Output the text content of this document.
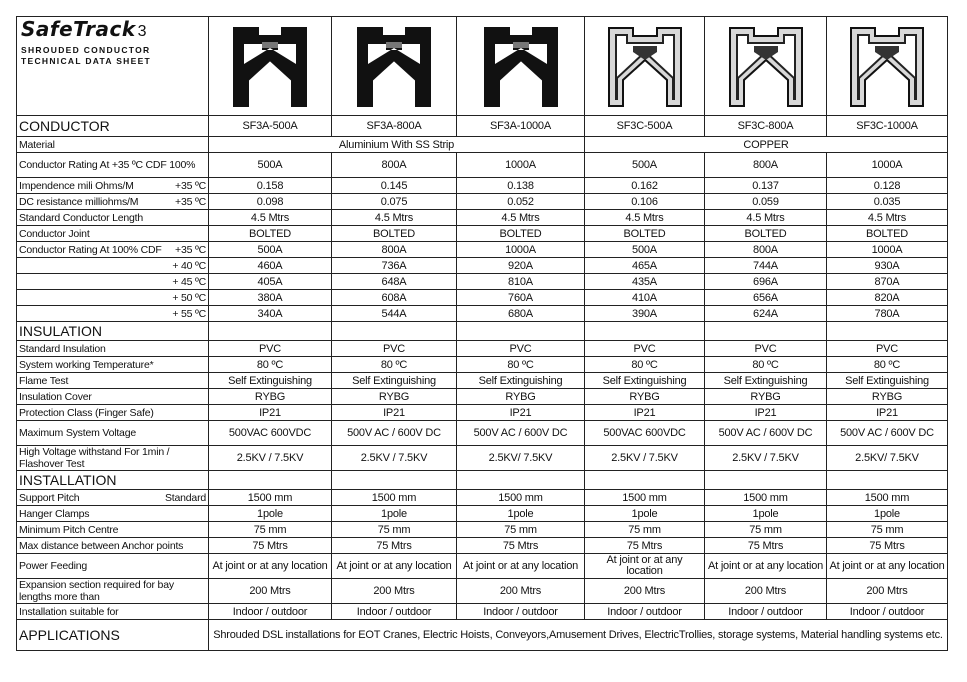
SafeTrack 3
SHROUDED CONDUCTOR
TECHNICAL DATA SHEET

CONDUCTOR	SF3A-500A	SF3A-800A	SF3A-1000A	SF3C-500A	SF3C-800A	SF3C-1000A
Material	Aluminium With SS Strip			COPPER		
Conductor Rating At +35 ºC CDF 100%	500A	800A	1000A	500A	800A	1000A

Impendence mili Ohms/M +35 ºC	0.158	0.145	0.138	0.162	0.137	0.128

DC resistance milliohms/M +35 ºC	0.098	0.075	0.052	0.106	0.059	0.035
Standard Conductor Length	4.5 Mtrs	4.5 Mtrs	4.5 Mtrs	4.5 Mtrs	4.5 Mtrs	4.5 Mtrs
Conductor Joint	BOLTED	BOLTED	BOLTED	BOLTED	BOLTED	BOLTED

Conductor Rating At 100% CDF +35 ºC	500A	800A	1000A	500A	800A	1000A

+ 40 ºC	460A	736A	920A	465A	744A	930A

+ 45 ºC	405A	648A	810A	435A	696A	870A

+ 50 ºC	380A	608A	760A	410A	656A	820A

+ 55 ºC	340A	544A	680A	390A	624A	780A
INSULATION						
Standard Insulation	PVC	PVC	PVC	PVC	PVC	PVC
System working Temperature*	80 ºC	80 ºC	80 ºC	80 ºC	80 ºC	80 ºC
Flame Test	Self Extinguishing	Self Extinguishing	Self Extinguishing	Self Extinguishing	Self Extinguishing	Self Extinguishing
Insulation Cover	RYBG	RYBG	RYBG	RYBG	RYBG	RYBG
Protection Class (Finger Safe)	IP21	IP21	IP21	IP21	IP21	IP21
Maximum System Voltage	500VAC 600VDC	500V AC / 600V DC	500V AC / 600V DC	500VAC 600VDC	500V AC / 600V DC	500V AC / 600V DC
High Voltage withstand For 1min / Flashover Test	2.5KV / 7.5KV	2.5KV / 7.5KV	2.5KV/ 7.5KV	2.5KV / 7.5KV	2.5KV / 7.5KV	2.5KV/ 7.5KV
INSTALLATION						

Support Pitch Standard	1500 mm	1500 mm	1500 mm	1500 mm	1500 mm	1500 mm
Hanger Clamps	1pole	1pole	1pole	1pole	1pole	1pole
Minimum Pitch Centre	75 mm	75 mm	75 mm	75 mm	75 mm	75 mm
Max distance between Anchor points	75 Mtrs	75 Mtrs	75 Mtrs	75 Mtrs	75 Mtrs	75 Mtrs
Power Feeding	At joint or at any location	At joint or at any location	At joint or at any location	At joint or at any location	At joint or at any location	At joint or at any location
Expansion section required for bay lengths more than	200 Mtrs	200 Mtrs	200 Mtrs	200 Mtrs	200 Mtrs	200 Mtrs
Installation suitable for	Indoor / outdoor	Indoor / outdoor	Indoor / outdoor	Indoor / outdoor	Indoor / outdoor	Indoor / outdoor
APPLICATIONS	Shrouded DSL installations for EOT Cranes, Electric Hoists, Conveyors,Amusement Drives, ElectricTrollies, storage systems, Material handling systems etc.					
